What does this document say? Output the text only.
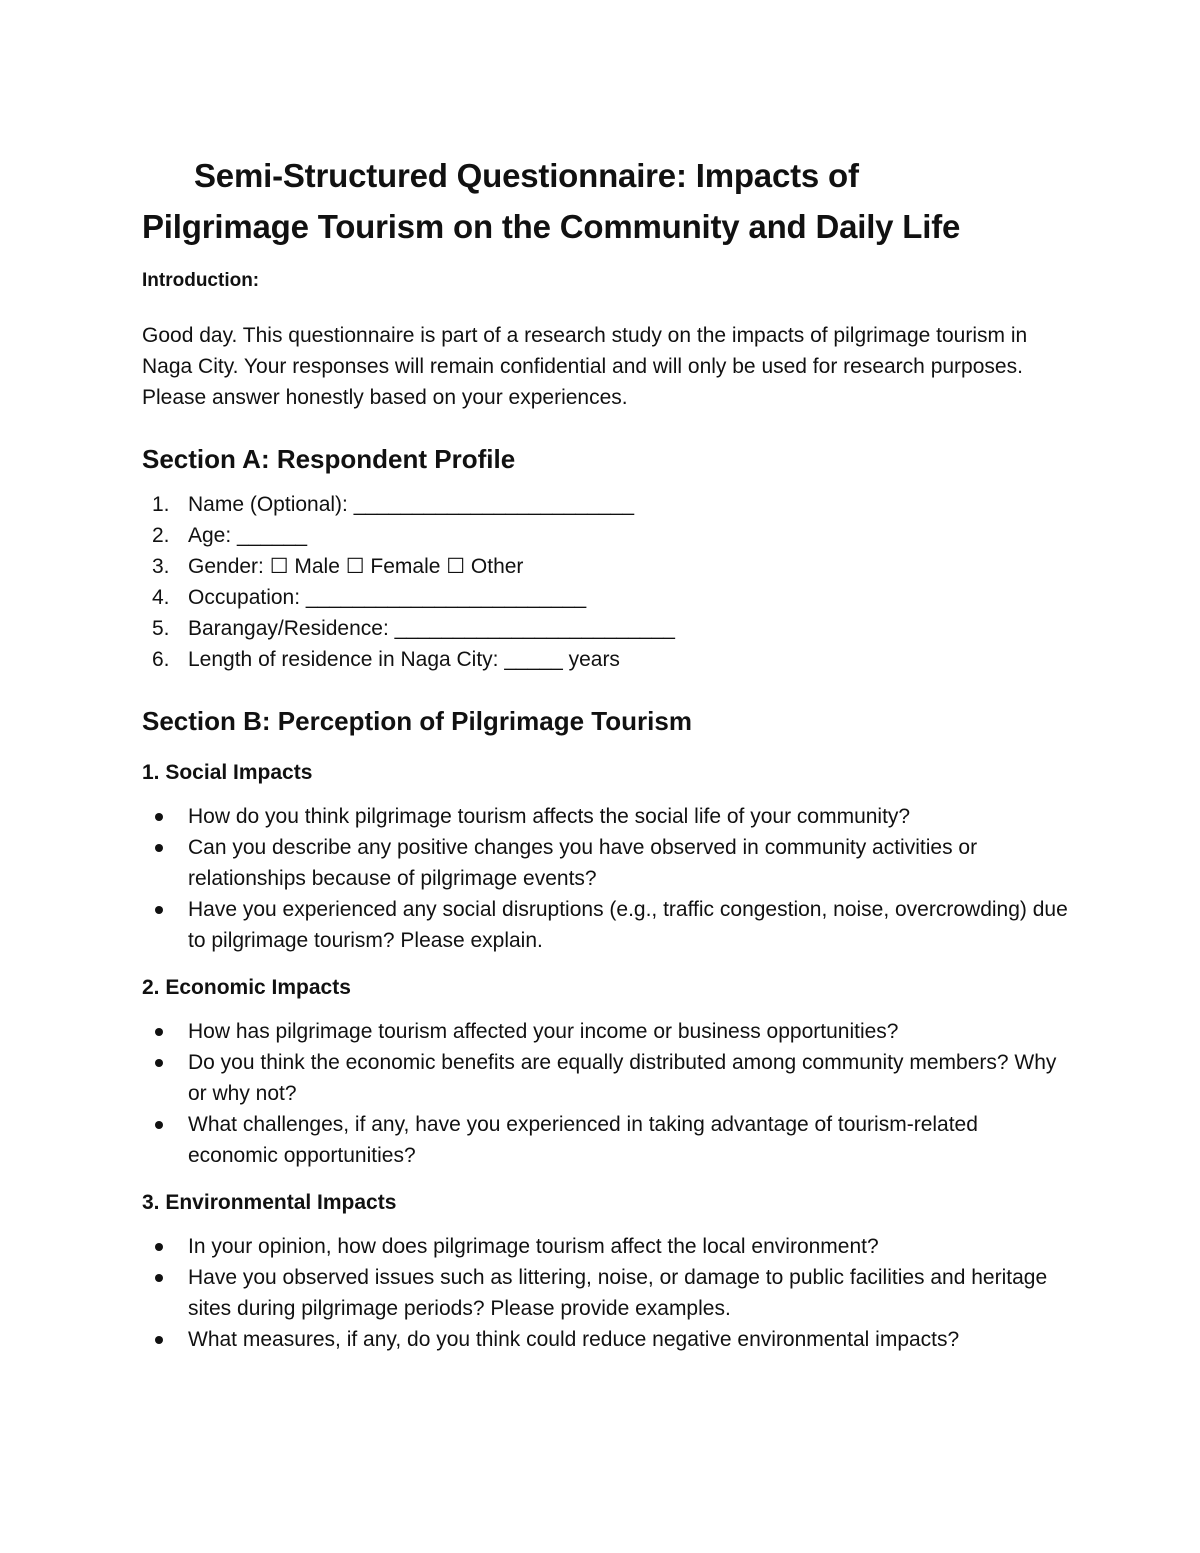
Semi-Structured Questionnaire: Impacts of
Pilgrimage Tourism on the Community and Daily Life
Introduction:

Good day. This questionnaire is part of a research study on the impacts of pilgrimage tourism in Naga City. Your responses will remain confidential and will only be used for research purposes. Please answer honestly based on your experiences.

Section A: Respondent Profile
1. Name (Optional): ________________________
2. Age: ______
3. Gender: ☐ Male ☐ Female ☐ Other
4. Occupation: ________________________
5. Barangay/Residence: ________________________
6. Length of residence in Naga City: _____ years
Section B: Perception of Pilgrimage Tourism
1. Social Impacts
How do you think pilgrimage tourism affects the social life of your community?
Can you describe any positive changes you have observed in community activities or relationships because of pilgrimage events?
Have you experienced any social disruptions (e.g., traffic congestion, noise, overcrowding) due to pilgrimage tourism? Please explain.
2. Economic Impacts
How has pilgrimage tourism affected your income or business opportunities?
Do you think the economic benefits are equally distributed among community members? Why or why not?
What challenges, if any, have you experienced in taking advantage of tourism-related economic opportunities?
3. Environmental Impacts
In your opinion, how does pilgrimage tourism affect the local environment?
Have you observed issues such as littering, noise, or damage to public facilities and heritage sites during pilgrimage periods? Please provide examples.
What measures, if any, do you think could reduce negative environmental impacts?
